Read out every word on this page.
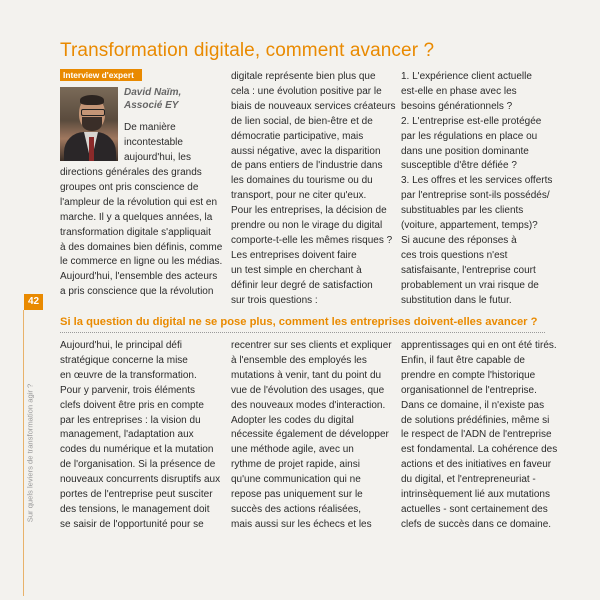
Transformation digitale, comment avancer ?
Interview d'expert
David Naïm,
Associé EY
De manière
incontestable
aujourd'hui, les
directions générales des grands
groupes ont pris conscience de
l'ampleur de la révolution qui est en
marche. Il y a quelques années, la
transformation digitale s'appliquait
à des domaines bien définis, comme
le commerce en ligne ou les médias.
Aujourd'hui, l'ensemble des acteurs
a pris conscience que la révolution
digitale représente bien plus que
cela : une évolution positive par le
biais de nouveaux services créateurs
de lien social, de bien-être et de
démocratie participative, mais
aussi négative, avec la disparition
de pans entiers de l'industrie dans
les domaines du tourisme ou du
transport, pour ne citer qu'eux.
Pour les entreprises, la décision de
prendre ou non le virage du digital
comporte-t-elle les mêmes risques ?
Les entreprises doivent faire
un test simple en cherchant à
définir leur degré de satisfaction
sur trois questions :
1. L'expérience client actuelle
est-elle en phase avec les
besoins générationnels ?
2. L'entreprise est-elle protégée
par les régulations en place ou
dans une position dominante
susceptible d'être défiée ?
3. Les offres et les services offerts
par l'entreprise sont-ils possédés/
substituables par les clients
(voiture, appartement, temps)?
Si aucune des réponses à
ces trois questions n'est
satisfaisante, l'entreprise court
probablement un vrai risque de
substitution dans le futur.
42
Sur quels leviers de transformation agir ?
Si la question du digital ne se pose plus, comment les entreprises doivent-elles avancer ?
Aujourd'hui, le principal défi
stratégique concerne la mise
en œuvre de la transformation.
Pour y parvenir, trois éléments
clefs doivent être pris en compte
par les entreprises : la vision du
management, l'adaptation aux
codes du numérique et la mutation
de l'organisation. Si la présence de
nouveaux concurrents disruptifs aux
portes de l'entreprise peut susciter
des tensions, le management doit
se saisir de l'opportunité pour se
recentrer sur ses clients et expliquer
à l'ensemble des employés les
mutations à venir, tant du point du
vue de l'évolution des usages, que
des nouveaux modes d'interaction.
Adopter les codes du digital
nécessite également de développer
une méthode agile, avec un
rythme de projet rapide, ainsi
qu'une communication qui ne
repose pas uniquement sur le
succès des actions réalisées,
mais aussi sur les échecs et les
apprentissages qui en ont été tirés.
Enfin, il faut être capable de
prendre en compte l'historique
organisationnel de l'entreprise.
Dans ce domaine, il n'existe pas
de solutions prédéfinies, même si
le respect de l'ADN de l'entreprise
est fondamental. La cohérence des
actions et des initiatives en faveur
du digital, et l'entrepreneuriat -
intrinsèquement lié aux mutations
actuelles - sont certainement des
clefs de succès dans ce domaine.
